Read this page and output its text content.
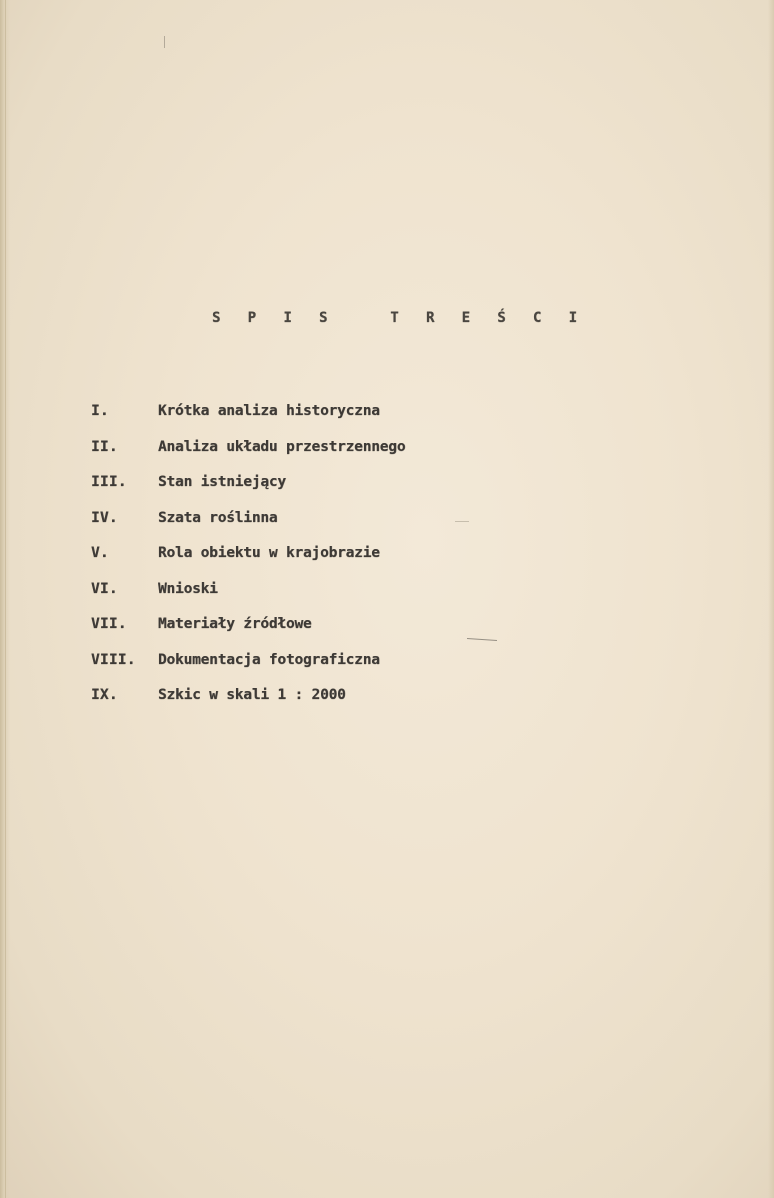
S P I S   T R E Ś C I
I.	Krótka analiza historyczna
II.	Analiza układu przestrzennego
III.	Stan istniejący
IV.	Szata roślinna
V.	Rola obiektu w krajobrazie
VI.	Wnioski
VII.	Materiały źródłowe
VIII.	Dokumentacja fotograficzna
IX.	Szkic w skali 1 : 2000
